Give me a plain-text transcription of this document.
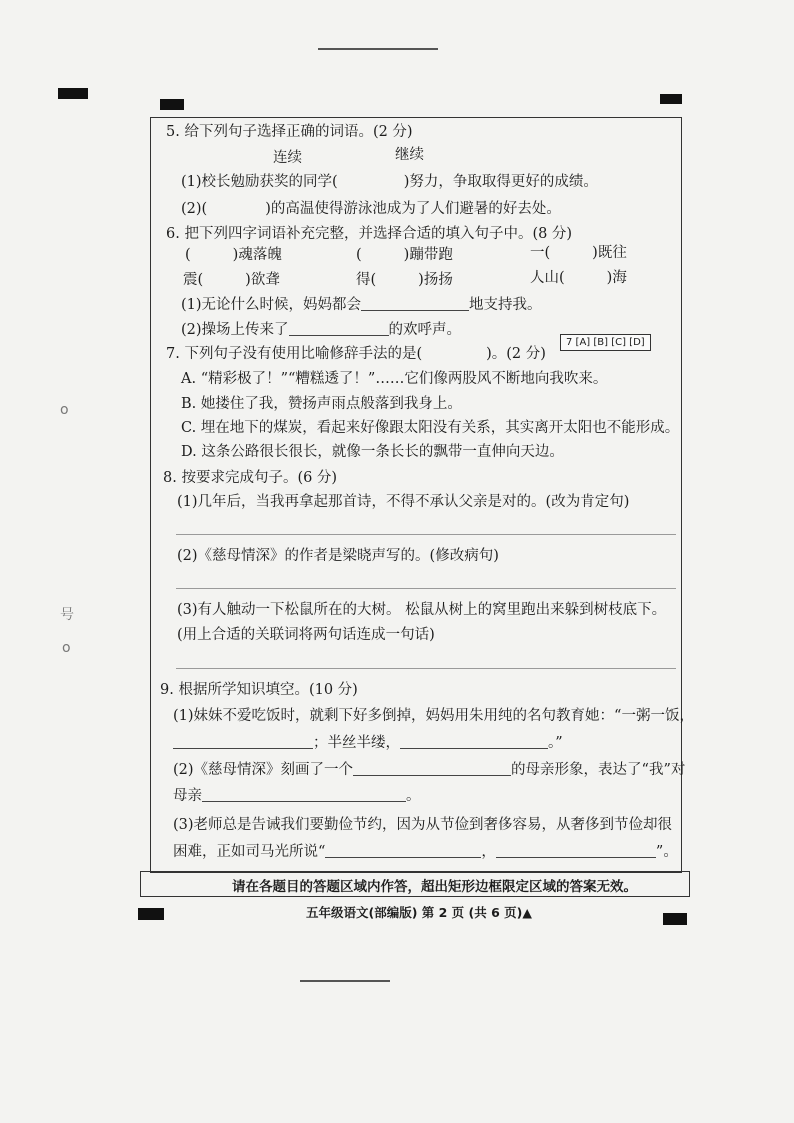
o
号
o
5. 给下列句子选择正确的词语。(2 分)
连续	继续
(1)校长勉励获奖的同学(	)努力，争取取得更好的成绩。
(2)(	)的高温使得游泳池成为了人们避暑的好去处。
6. 把下列四字词语补充完整，并选择合适的填入句子中。(8 分)
(	)魂落魄	(	)蹦带跑	一(	)既往
震(	)欲聋	得(	)扬扬	人山(	)海
(1)无论什么时候，妈妈都会	地支持我。
(2)操场上传来了	的欢呼声。
7. 下列句子没有使用比喻修辞手法的是(	)。(2 分)
7 [A] [B] [C] [D]
A. “精彩极了！”“糟糕透了！”……它们像两股风不断地向我吹来。
B. 她搂住了我，赞扬声雨点般落到我身上。
C. 埋在地下的煤炭，看起来好像跟太阳没有关系，其实离开太阳也不能形成。
D. 这条公路很长很长，就像一条长长的飘带一直伸向天边。
8. 按要求完成句子。(6 分)
(1)几年后，当我再拿起那首诗，不得不承认父亲是对的。(改为肯定句)
(2)《慈母情深》的作者是梁晓声写的。(修改病句)
(3)有人触动一下松鼠所在的大树。 松鼠从树上的窝里跑出来躲到树枝底下。
(用上合适的关联词将两句话连成一句话)
9. 根据所学知识填空。(10 分)
(1)妹妹不爱吃饭时，就剩下好多倒掉，妈妈用朱用纯的名句教育她：“一粥一饭，
；半丝半缕，	。”
(2)《慈母情深》刻画了一个	的母亲形象，表达了“我”对
母亲	。
(3)老师总是告诫我们要勤俭节约，因为从节俭到奢侈容易，从奢侈到节俭却很
困难，正如司马光所说“	，	”。
请在各题目的答题区域内作答，超出矩形边框限定区域的答案无效。
五年级语文(部编版) 第 2 页 (共 6 页)▲
